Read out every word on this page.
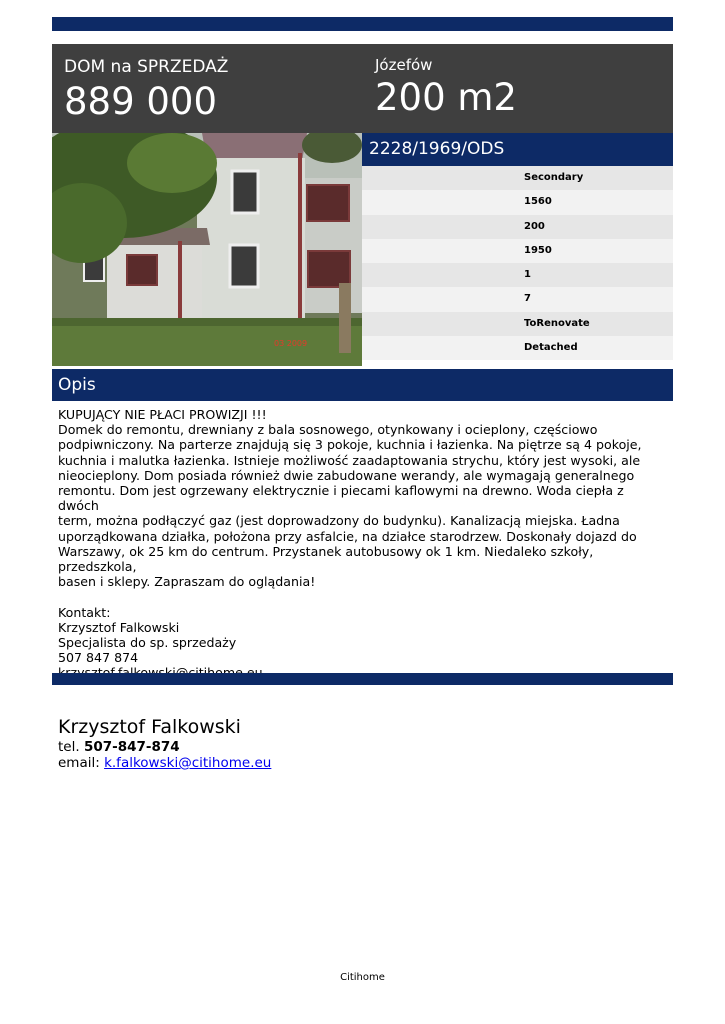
DOM na SPRZEDAŻ
889 000
Józefów
200 m2
03 2009
2228/1969/ODS
Secondary
1560
200
1950
1
7
ToRenovate
Detached
Opis

KUPUJĄCY NIE PŁACI PROWIZJI !!!

Domek do remontu, drewniany z bala sosnowego, otynkowany i ocieplony, częściowo

podpiwniczony. Na parterze znajdują się 3 pokoje, kuchnia i łazienka. Na piętrze są 4 pokoje,

kuchnia i malutka łazienka. Istnieje możliwość zaadaptowania strychu, który jest wysoki, ale

nieocieplony. Dom posiada również dwie zabudowane werandy, ale wymagają generalnego

remontu. Dom jest ogrzewany elektrycznie i piecami kaflowymi na drewno. Woda ciepła z dwóch

term, można podłączyć gaz (jest doprowadzony do budynku). Kanalizacją miejska. Ładna

uporządkowana działka, położona przy asfalcie, na działce starodrzew. Doskonały dojazd do

Warszawy, ok 25 km do centrum. Przystanek autobusowy ok 1 km. Niedaleko szkoły, przedszkola,

basen i sklepy. Zapraszam do oglądania!

Kontakt:

Krzysztof Falkowski

Specjalista do sp. sprzedaży

507 847 874

Krzysztof Falkowski
tel. 507-847-874
email: k.falkowski@citihome.eu
Citihome
